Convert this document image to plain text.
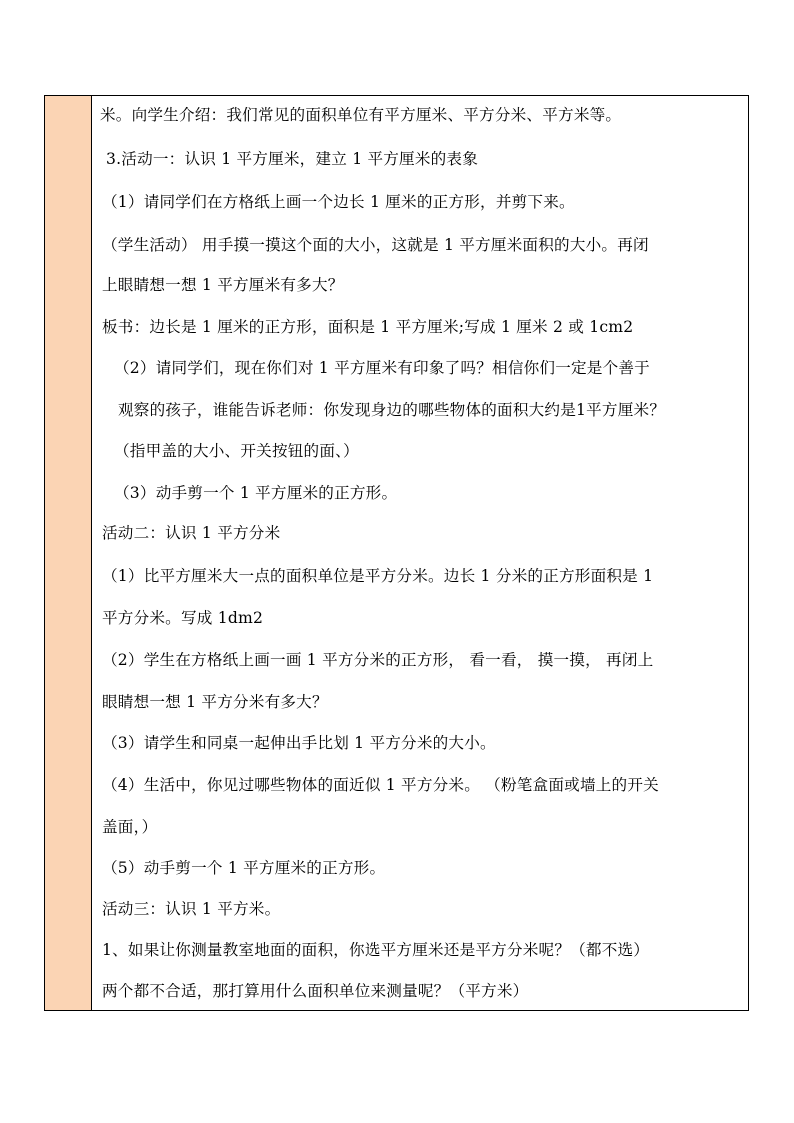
米。向学生介绍：我们常见的面积单位有平方厘米、平方分米、平方米等。
3.活动一：认识 1 平方厘米，建立 1 平方厘米的表象
（1）请同学们在方格纸上画一个边长 1 厘米的正方形，并剪下来。
（学生活动） 用手摸一摸这个面的大小，这就是 1 平方厘米面积的大小。再闭
上眼睛想一想 1 平方厘米有多大？
板书：边长是 1 厘米的正方形，面积是 1 平方厘米;写成 1 厘米 2 或 1cm2
（2）请同学们，现在你们对 1 平方厘米有印象了吗？相信你们一定是个善于
观察的孩子，谁能告诉老师：你发现身边的哪些物体的面积大约是1平方厘米？
（指甲盖的大小、开关按钮的面、）
（3）动手剪一个 1 平方厘米的正方形。
活动二：认识 1 平方分米
（1）比平方厘米大一点的面积单位是平方分米。边长 1 分米的正方形面积是 1
平方分米。写成 1dm2
（2）学生在方格纸上画一画 1 平方分米的正方形， 看一看， 摸一摸， 再闭上
眼睛想一想 1 平方分米有多大？
（3）请学生和同桌一起伸出手比划 1 平方分米的大小。
（4）生活中，你见过哪些物体的面近似 1 平方分米。 （粉笔盒面或墙上的开关
盖面，）
（5）动手剪一个 1 平方厘米的正方形。
活动三：认识 1 平方米。
1、如果让你测量教室地面的面积，你选平方厘米还是平方分米呢？（都不选）
两个都不合适，那打算用什么面积单位来测量呢？（平方米）
